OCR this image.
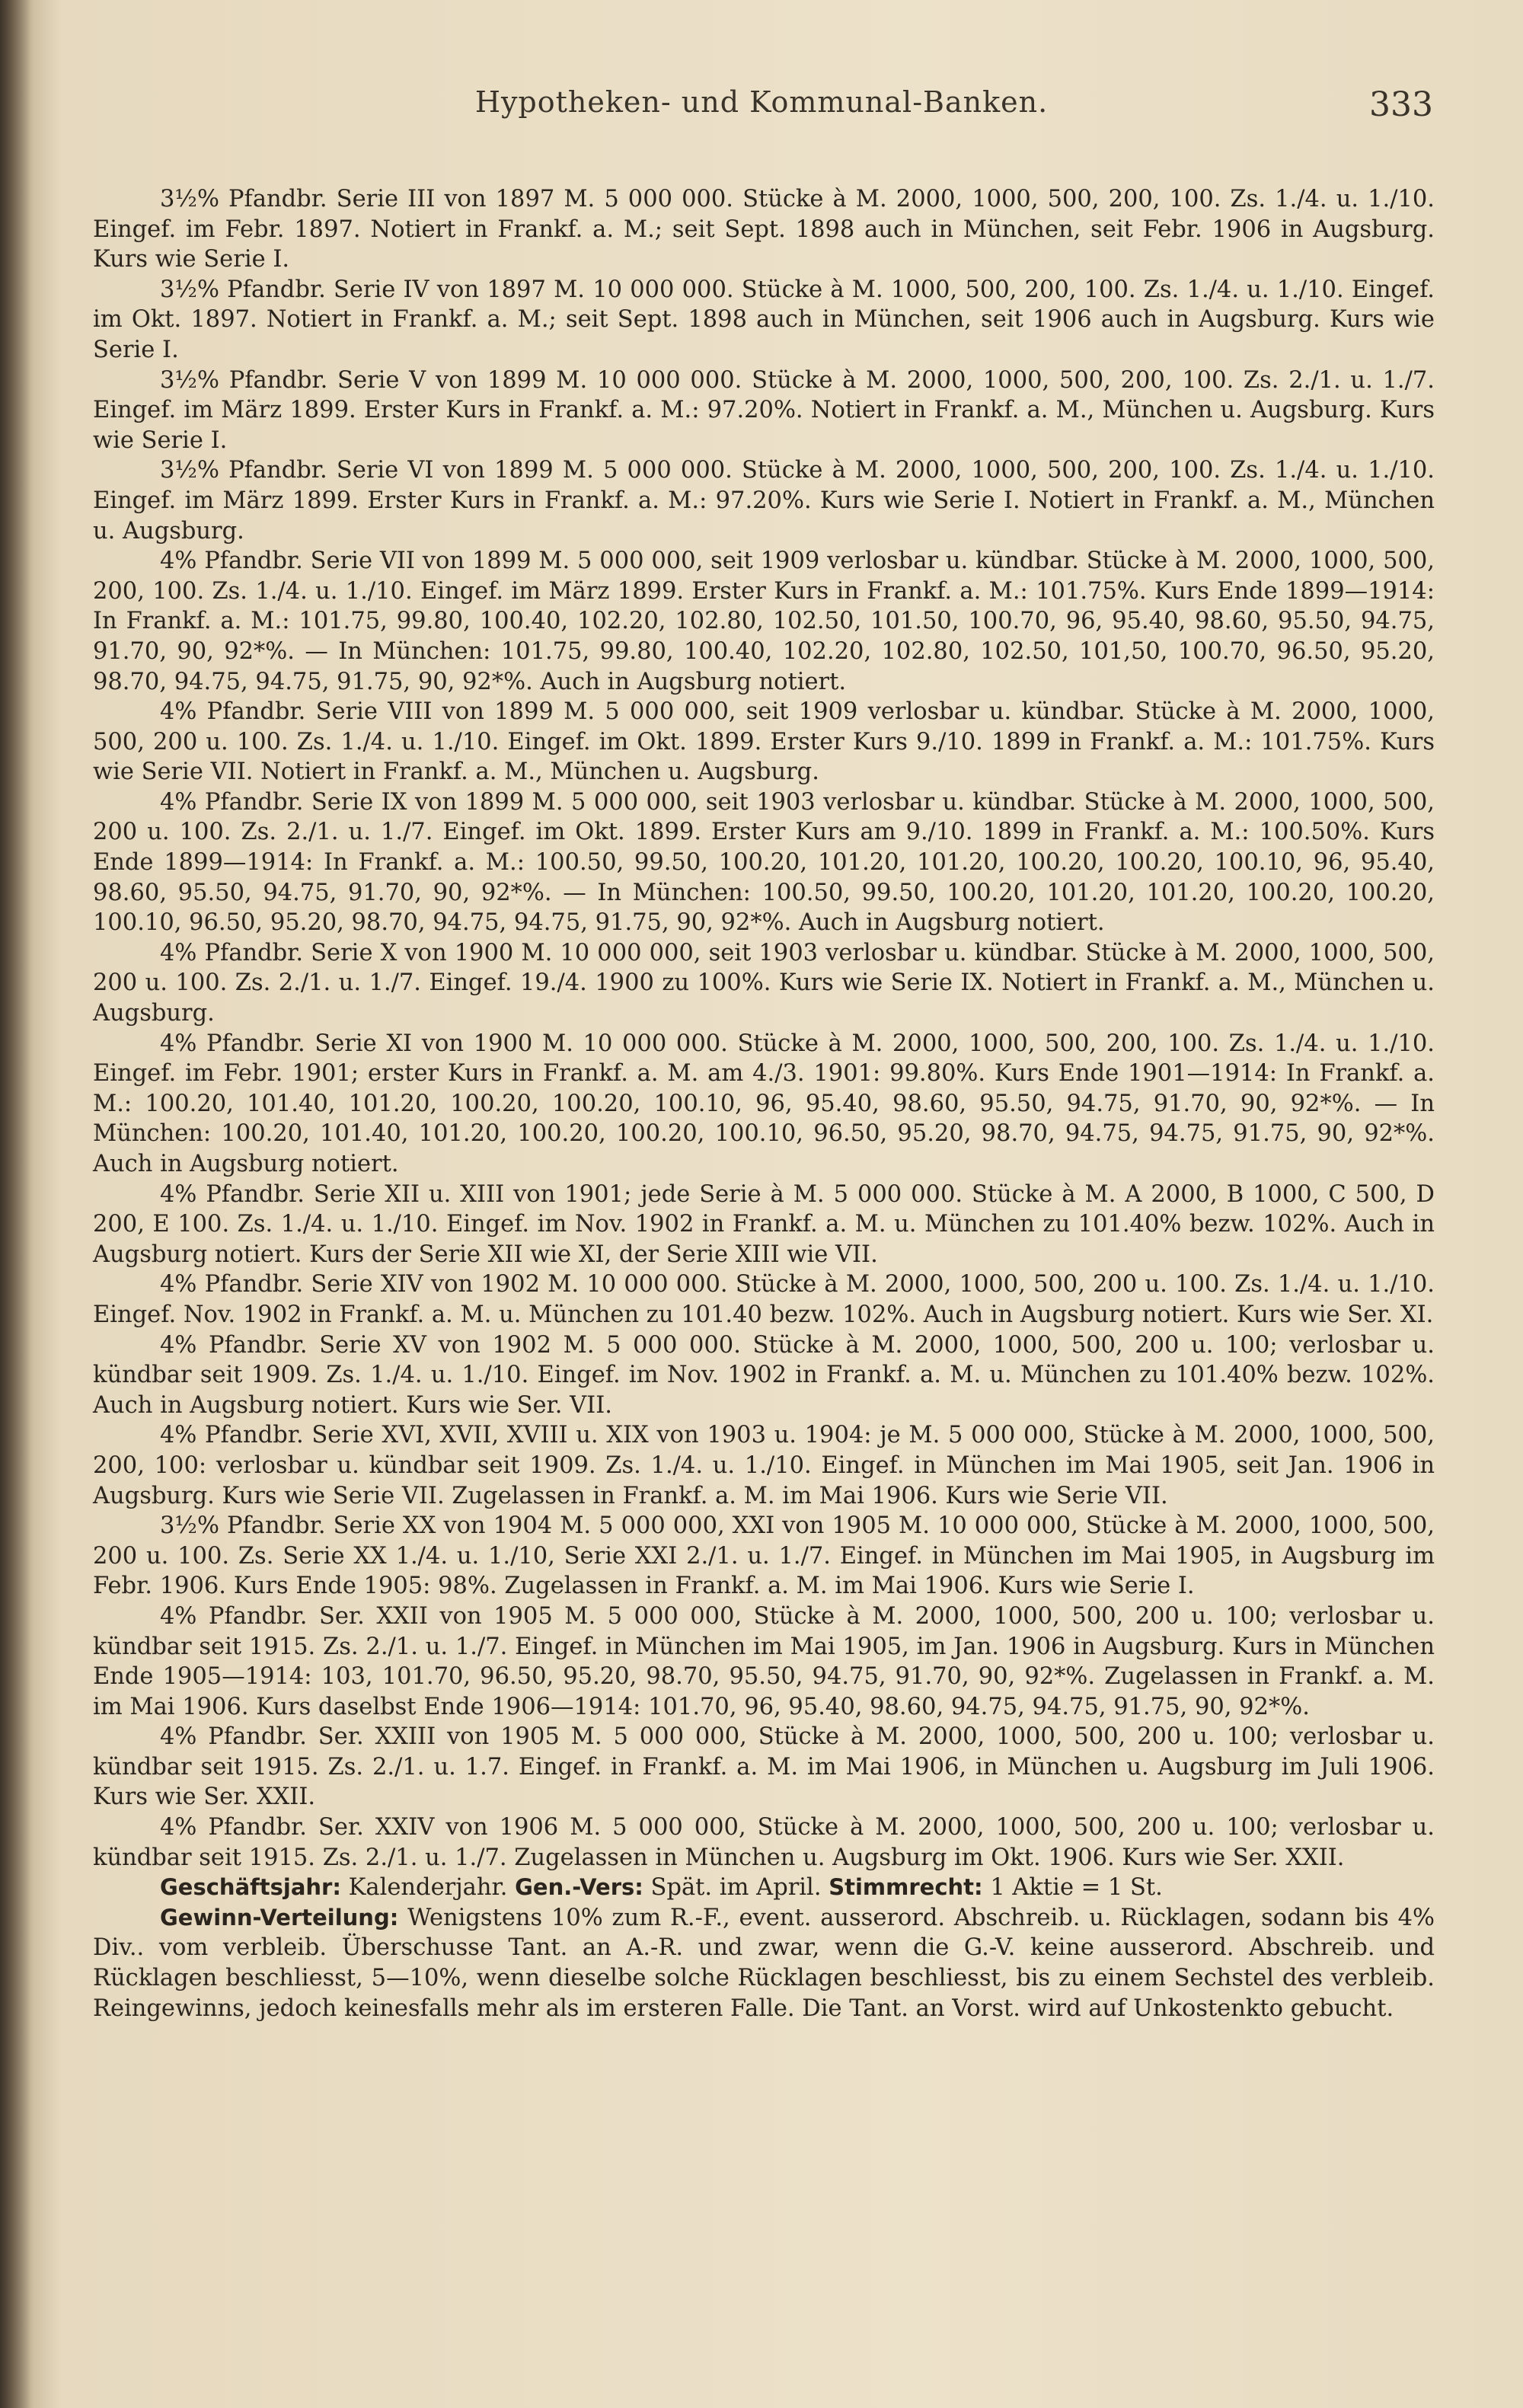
Hypotheken- und Kommunal-Banken.	333

3½% Pfandbr. Serie III von 1897 M. 5 000 000. Stücke à M. 2000, 1000, 500, 200, 100. Zs. 1./4. u. 1./10. Eingef. im Febr. 1897. Notiert in Frankf. a. M.; seit Sept. 1898 auch in München, seit Febr. 1906 in Augsburg. Kurs wie Serie I.

3½% Pfandbr. Serie IV von 1897 M. 10 000 000. Stücke à M. 1000, 500, 200, 100. Zs. 1./4. u. 1./10. Eingef. im Okt. 1897. Notiert in Frankf. a. M.; seit Sept. 1898 auch in München, seit 1906 auch in Augsburg. Kurs wie Serie I.

3½% Pfandbr. Serie V von 1899 M. 10 000 000. Stücke à M. 2000, 1000, 500, 200, 100. Zs. 2./1. u. 1./7. Eingef. im März 1899. Erster Kurs in Frankf. a. M.: 97.20%. Notiert in Frankf. a. M., München u. Augsburg. Kurs wie Serie I.

3½% Pfandbr. Serie VI von 1899 M. 5 000 000. Stücke à M. 2000, 1000, 500, 200, 100. Zs. 1./4. u. 1./10. Eingef. im März 1899. Erster Kurs in Frankf. a. M.: 97.20%. Kurs wie Serie I. Notiert in Frankf. a. M., München u. Augsburg.

4% Pfandbr. Serie VII von 1899 M. 5 000 000, seit 1909 verlosbar u. kündbar. Stücke à M. 2000, 1000, 500, 200, 100. Zs. 1./4. u. 1./10. Eingef. im März 1899. Erster Kurs in Frankf. a. M.: 101.75%. Kurs Ende 1899—1914: In Frankf. a. M.: 101.75, 99.80, 100.40, 102.20, 102.80, 102.50, 101.50, 100.70, 96, 95.40, 98.60, 95.50, 94.75, 91.70, 90, 92*%. — In München: 101.75, 99.80, 100.40, 102.20, 102.80, 102.50, 101,50, 100.70, 96.50, 95.20, 98.70, 94.75, 94.75, 91.75, 90, 92*%. Auch in Augsburg notiert.

4% Pfandbr. Serie VIII von 1899 M. 5 000 000, seit 1909 verlosbar u. kündbar. Stücke à M. 2000, 1000, 500, 200 u. 100. Zs. 1./4. u. 1./10. Eingef. im Okt. 1899. Erster Kurs 9./10. 1899 in Frankf. a. M.: 101.75%. Kurs wie Serie VII. Notiert in Frankf. a. M., München u. Augsburg.

4% Pfandbr. Serie IX von 1899 M. 5 000 000, seit 1903 verlosbar u. kündbar. Stücke à M. 2000, 1000, 500, 200 u. 100. Zs. 2./1. u. 1./7. Eingef. im Okt. 1899. Erster Kurs am 9./10. 1899 in Frankf. a. M.: 100.50%. Kurs Ende 1899—1914: In Frankf. a. M.: 100.50, 99.50, 100.20, 101.20, 101.20, 100.20, 100.20, 100.10, 96, 95.40, 98.60, 95.50, 94.75, 91.70, 90, 92*%. — In München: 100.50, 99.50, 100.20, 101.20, 101.20, 100.20, 100.20, 100.10, 96.50, 95.20, 98.70, 94.75, 94.75, 91.75, 90, 92*%. Auch in Augsburg notiert.

4% Pfandbr. Serie X von 1900 M. 10 000 000, seit 1903 verlosbar u. kündbar. Stücke à M. 2000, 1000, 500, 200 u. 100. Zs. 2./1. u. 1./7. Eingef. 19./4. 1900 zu 100%. Kurs wie Serie IX. Notiert in Frankf. a. M., München u. Augsburg.

4% Pfandbr. Serie XI von 1900 M. 10 000 000. Stücke à M. 2000, 1000, 500, 200, 100. Zs. 1./4. u. 1./10. Eingef. im Febr. 1901; erster Kurs in Frankf. a. M. am 4./3. 1901: 99.80%. Kurs Ende 1901—1914: In Frankf. a. M.: 100.20, 101.40, 101.20, 100.20, 100.20, 100.10, 96, 95.40, 98.60, 95.50, 94.75, 91.70, 90, 92*%. — In München: 100.20, 101.40, 101.20, 100.20, 100.20, 100.10, 96.50, 95.20, 98.70, 94.75, 94.75, 91.75, 90, 92*%. Auch in Augsburg notiert.

4% Pfandbr. Serie XII u. XIII von 1901; jede Serie à M. 5 000 000. Stücke à M. A 2000, B 1000, C 500, D 200, E 100. Zs. 1./4. u. 1./10. Eingef. im Nov. 1902 in Frankf. a. M. u. München zu 101.40% bezw. 102%. Auch in Augsburg notiert. Kurs der Serie XII wie XI, der Serie XIII wie VII.

4% Pfandbr. Serie XIV von 1902 M. 10 000 000. Stücke à M. 2000, 1000, 500, 200 u. 100. Zs. 1./4. u. 1./10. Eingef. Nov. 1902 in Frankf. a. M. u. München zu 101.40 bezw. 102%. Auch in Augsburg notiert. Kurs wie Ser. XI.

4% Pfandbr. Serie XV von 1902 M. 5 000 000. Stücke à M. 2000, 1000, 500, 200 u. 100; verlosbar u. kündbar seit 1909. Zs. 1./4. u. 1./10. Eingef. im Nov. 1902 in Frankf. a. M. u. München zu 101.40% bezw. 102%. Auch in Augsburg notiert. Kurs wie Ser. VII.

4% Pfandbr. Serie XVI, XVII, XVIII u. XIX von 1903 u. 1904: je M. 5 000 000, Stücke à M. 2000, 1000, 500, 200, 100: verlosbar u. kündbar seit 1909. Zs. 1./4. u. 1./10. Eingef. in München im Mai 1905, seit Jan. 1906 in Augsburg. Kurs wie Serie VII. Zugelassen in Frankf. a. M. im Mai 1906. Kurs wie Serie VII.

3½% Pfandbr. Serie XX von 1904 M. 5 000 000, XXI von 1905 M. 10 000 000, Stücke à M. 2000, 1000, 500, 200 u. 100. Zs. Serie XX 1./4. u. 1./10, Serie XXI 2./1. u. 1./7. Eingef. in München im Mai 1905, in Augsburg im Febr. 1906. Kurs Ende 1905: 98%. Zugelassen in Frankf. a. M. im Mai 1906. Kurs wie Serie I.

4% Pfandbr. Ser. XXII von 1905 M. 5 000 000, Stücke à M. 2000, 1000, 500, 200 u. 100; verlosbar u. kündbar seit 1915. Zs. 2./1. u. 1./7. Eingef. in München im Mai 1905, im Jan. 1906 in Augsburg. Kurs in München Ende 1905—1914: 103, 101.70, 96.50, 95.20, 98.70, 95.50, 94.75, 91.70, 90, 92*%. Zugelassen in Frankf. a. M. im Mai 1906. Kurs daselbst Ende 1906—1914: 101.70, 96, 95.40, 98.60, 94.75, 94.75, 91.75, 90, 92*%.

4% Pfandbr. Ser. XXIII von 1905 M. 5 000 000, Stücke à M. 2000, 1000, 500, 200 u. 100; verlosbar u. kündbar seit 1915. Zs. 2./1. u. 1.7. Eingef. in Frankf. a. M. im Mai 1906, in München u. Augsburg im Juli 1906. Kurs wie Ser. XXII.

4% Pfandbr. Ser. XXIV von 1906 M. 5 000 000, Stücke à M. 2000, 1000, 500, 200 u. 100; verlosbar u. kündbar seit 1915. Zs. 2./1. u. 1./7. Zugelassen in München u. Augsburg im Okt. 1906. Kurs wie Ser. XXII.

Geschäftsjahr: Kalenderjahr. Gen.-Vers: Spät. im April. Stimmrecht: 1 Aktie = 1 St.

Gewinn-Verteilung: Wenigstens 10% zum R.-F., event. ausserord. Abschreib. u. Rücklagen, sodann bis 4% Div.. vom verbleib. Überschusse Tant. an A.-R. und zwar, wenn die G.-V. keine ausserord. Abschreib. und Rücklagen beschliesst, 5—10%, wenn dieselbe solche Rücklagen beschliesst, bis zu einem Sechstel des verbleib. Reingewinns, jedoch keinesfalls mehr als im ersteren Falle. Die Tant. an Vorst. wird auf Unkostenkto gebucht.
